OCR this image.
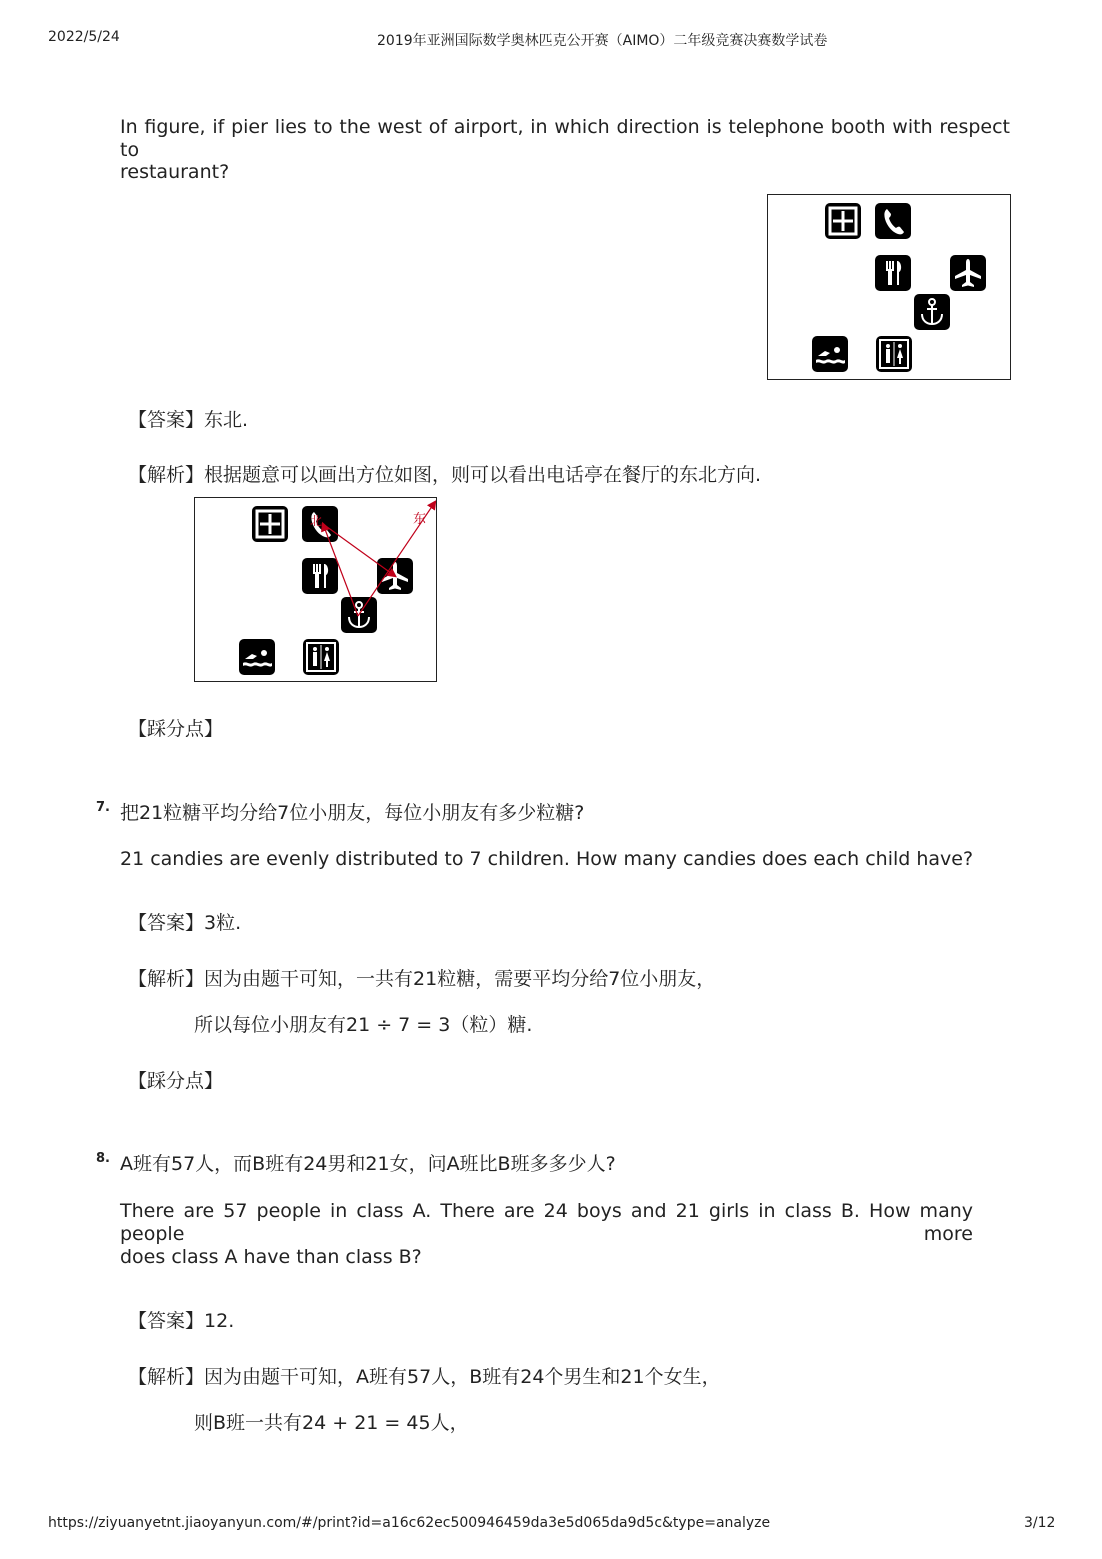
2022/5/24	2019年亚洲国际数学奥林匹克公开赛（AIMO）二年级竞赛决赛数学试卷
In figure, if pier lies to the west of airport, in which direction is telephone booth with respect to
restaurant?
【答案】东北.
【解析】根据题意可以画出方位如图，则可以看出电话亭在餐厅的东北方向.
北	东
【踩分点】
7. 把21粒糖平均分给7位小朋友，每位小朋友有多少粒糖?
21 candies are evenly distributed to 7 children. How many candies does each child have?
【答案】3粒.
【解析】因为由题干可知，一共有21粒糖，需要平均分给7位小朋友，
所以每位小朋友有21 ÷ 7 = 3（粒）糖.
【踩分点】
8. A班有57人，而B班有24男和21女，问A班比B班多多少人?
There are 57 people in class A. There are 24 boys and 21 girls in class B. How many people more
does class A have than class B?
【答案】12.
【解析】因为由题干可知，A班有57人，B班有24个男生和21个女生，
则B班一共有24 + 21 = 45人，
https://ziyuanyetnt.jiaoyanyun.com/#/print?id=a16c62ec500946459da3e5d065da9d5c&type=analyze	3/12
